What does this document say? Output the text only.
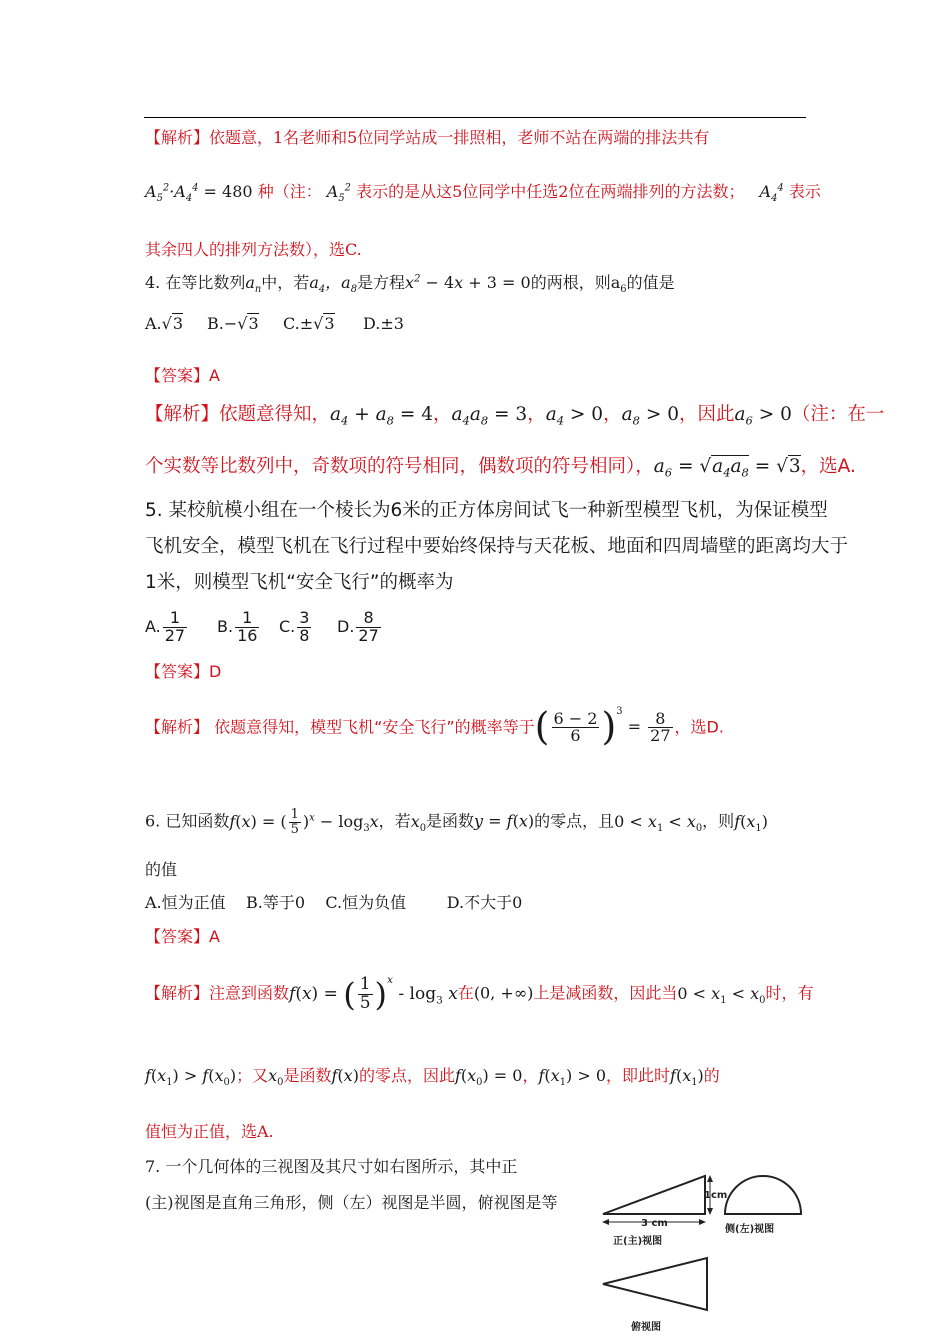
【解析】依题意，1名老师和5位同学站成一排照相，老师不站在两端的排法共有
$A_5^2\cdot A_4^4 = 480$ 种（注： $A_5^2$ 表示的是从这5位同学中任选2位在两端排列的方法数； $A_4^4$ 表示
其余四人的排列方法数），选C.
4. 在等比数列$a_n$中，若$a_4$，$a_8$是方程$x^2 - 4x + 3 = 0$的两根，则$a_6$的值是
A.√3 B.−√3 C.±√3 D.±3
【答案】A
【解析】依题意得知，$a_4 + a_8 = 4$，$a_4a_8 = 3$，$a_4 > 0$，$a_8 > 0$，因此$a_6 > 0$（注：在一
个实数等比数列中，奇数项的符号相同，偶数项的符号相同），$a_6 = √a_4a_8 = √3$，选A.
5. 某校航模小组在一个棱长为6米的正方体房间试飞一种新型模型飞机，为保证模型
飞机安全，模型飞机在飞行过程中要始终保持与天花板、地面和四周墙壁的距离均大于
1米，则模型飞机“安全飞行”的概率为
A. $\frac{1}{27} B$. $\frac{1}{16} C$. $\frac{3}{8} D$. $\frac{8}{27}$
【答案】D
【解析】 依题意得知，模型飞机“安全飞行”的概率等于( $\frac{6 - 2}{6} )^3 = \frac{8}{27}$ ，选D.
6. 已知函数f(x) = ( $\frac{1}{5} )^x - \log_3x$，若$x_0$是函数y = f(x)的零点，且$0 < x_1 < x_0$，则$f(x_1)$
的值
A.恒为正值    B.等于0    C.恒为负值        D.不大于0
【答案】A
【解析】注意到函数f(x) = ( $\frac{1}{5} )^x - \log_3 x$在(0, +∞)上是减函数，因此当$0 < x_1 < x_0$时，有
$f(x_1) > f(x_0)$；又$x_0$是函数f(x)的零点，因此$f(x_0) = 0$，$f(x_1) > 0$，即此时$f(x_1)$的
值恒为正值，选A.
7. 一个几何体的三视图及其尺寸如右图所示，其中正
(主)视图是直角三角形，侧（左）视图是半圆，俯视图是等	1cm
3 cm
正(主)视图
侧(左)视图
俯视图
